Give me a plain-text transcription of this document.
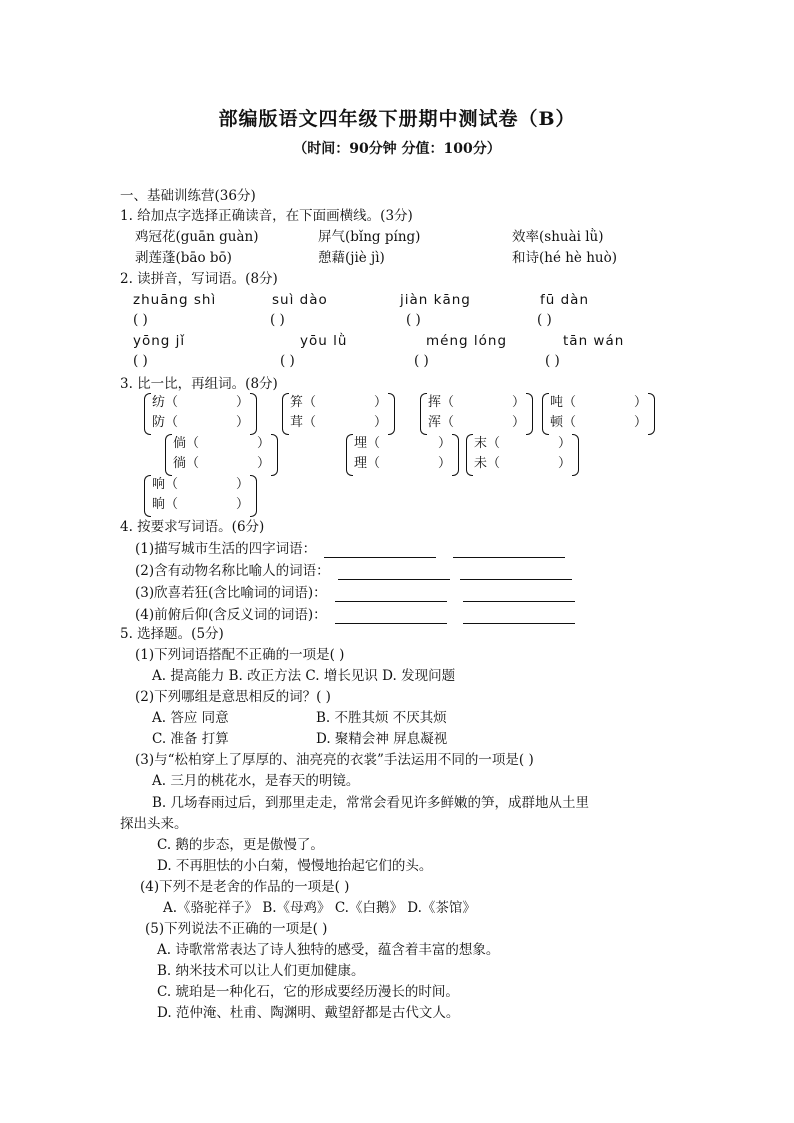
部编版语文四年级下册期中测试卷（B）
（时间：90分钟 分值：100分）
一、基础训练营(36分)
1. 给加点字选择正确读音，在下面画横线。(3分)
鸡冠花(guān guàn)	屏气(bǐng píng)	效率(shuài lǜ)
剥莲蓬(bāo bō)	憩藉(jiè jì)	和诗(hé hè huò)
2. 读拼音，写词语。(8分)
zhuāng shì	suì dào	jiàn kāng	fū dàn
( )	( )	( )	( )
yōng jǐ	yōu lǜ	méng lóng	tān wán
( )	( )	( )	( )
3. 比一比，再组词。(8分)
纺（	）
防（	）
笲（	）
茸（	）
挥（	）
浑（	）
吨（	）
顿（	）
倘（	）
徜（	）
埋（	）
理（	）
末（	）
未（	）
响（	）
晌（	）
4. 按要求写词语。(6分)
(1)描写城市生活的四字词语：
(2)含有动物名称比喻人的词语：
(3)欣喜若狂(含比喻词的词语)：
(4)前俯后仰(含反义词的词语)：
5. 选择题。(5分)
(1)下列词语搭配不正确的一项是( )
A. 提高能力 B. 改正方法 C. 增长见识 D. 发现问题
(2)下列哪组是意思相反的词？( )
A. 答应 同意	B. 不胜其烦 不厌其烦
C. 准备 打算	D. 聚精会神 屏息凝视
(3)与“松柏穿上了厚厚的、油亮亮的衣裳”手法运用不同的一项是( )
A. 三月的桃花水，是春天的明镜。
B. 几场春雨过后，到那里走走，常常会看见许多鲜嫩的笋，成群地从土里
探出头来。
C. 鹅的步态，更是傲慢了。
D. 不再胆怯的小白菊，慢慢地抬起它们的头。
(4)下列不是老舍的作品的一项是( )
A.《骆驼祥子》 B.《母鸡》 C.《白鹅》 D.《茶馆》
(5)下列说法不正确的一项是( )
A. 诗歌常常表达了诗人独特的感受，蕴含着丰富的想象。
B. 纳米技术可以让人们更加健康。
C. 琥珀是一种化石，它的形成要经历漫长的时间。
D. 范仲淹、杜甫、陶渊明、戴望舒都是古代文人。
